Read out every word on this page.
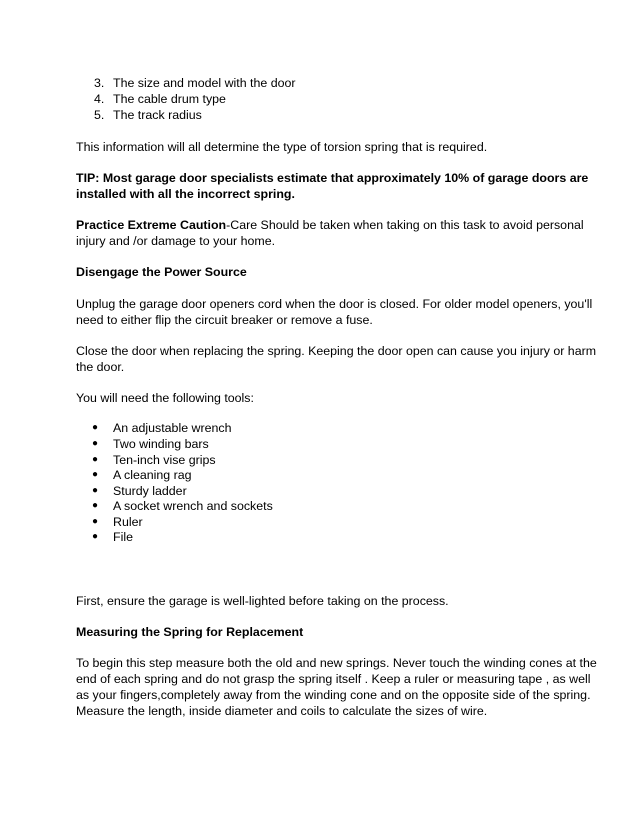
3. The size and model with the door
4. The cable drum type
5. The track radius
This information will all determine the type of torsion spring that is required.
TIP: Most garage door specialists estimate that approximately 10% of garage doors are
installed with all the incorrect spring.
Practice Extreme Caution-Care Should be taken when taking on this task to avoid personal
injury and /or damage to your home.
Disengage the Power Source
Unplug the garage door openers cord when the door is closed. For older model openers, you'll
need to either flip the circuit breaker or remove a fuse.
Close the door when replacing the spring. Keeping the door open can cause you injury or harm
the door.
You will need the following tools:
● An adjustable wrench
● Two winding bars
● Ten-inch vise grips
● A cleaning rag
● Sturdy ladder
● A socket wrench and sockets
● Ruler
● File
First, ensure the garage is well-lighted before taking on the process.
Measuring the Spring for Replacement
To begin this step measure both the old and new springs. Never touch the winding cones at the
end of each spring and do not grasp the spring itself . Keep a ruler or measuring tape , as well
as your fingers,completely away from the winding cone and on the opposite side of the spring.
Measure the length, inside diameter and coils to calculate the sizes of wire.
